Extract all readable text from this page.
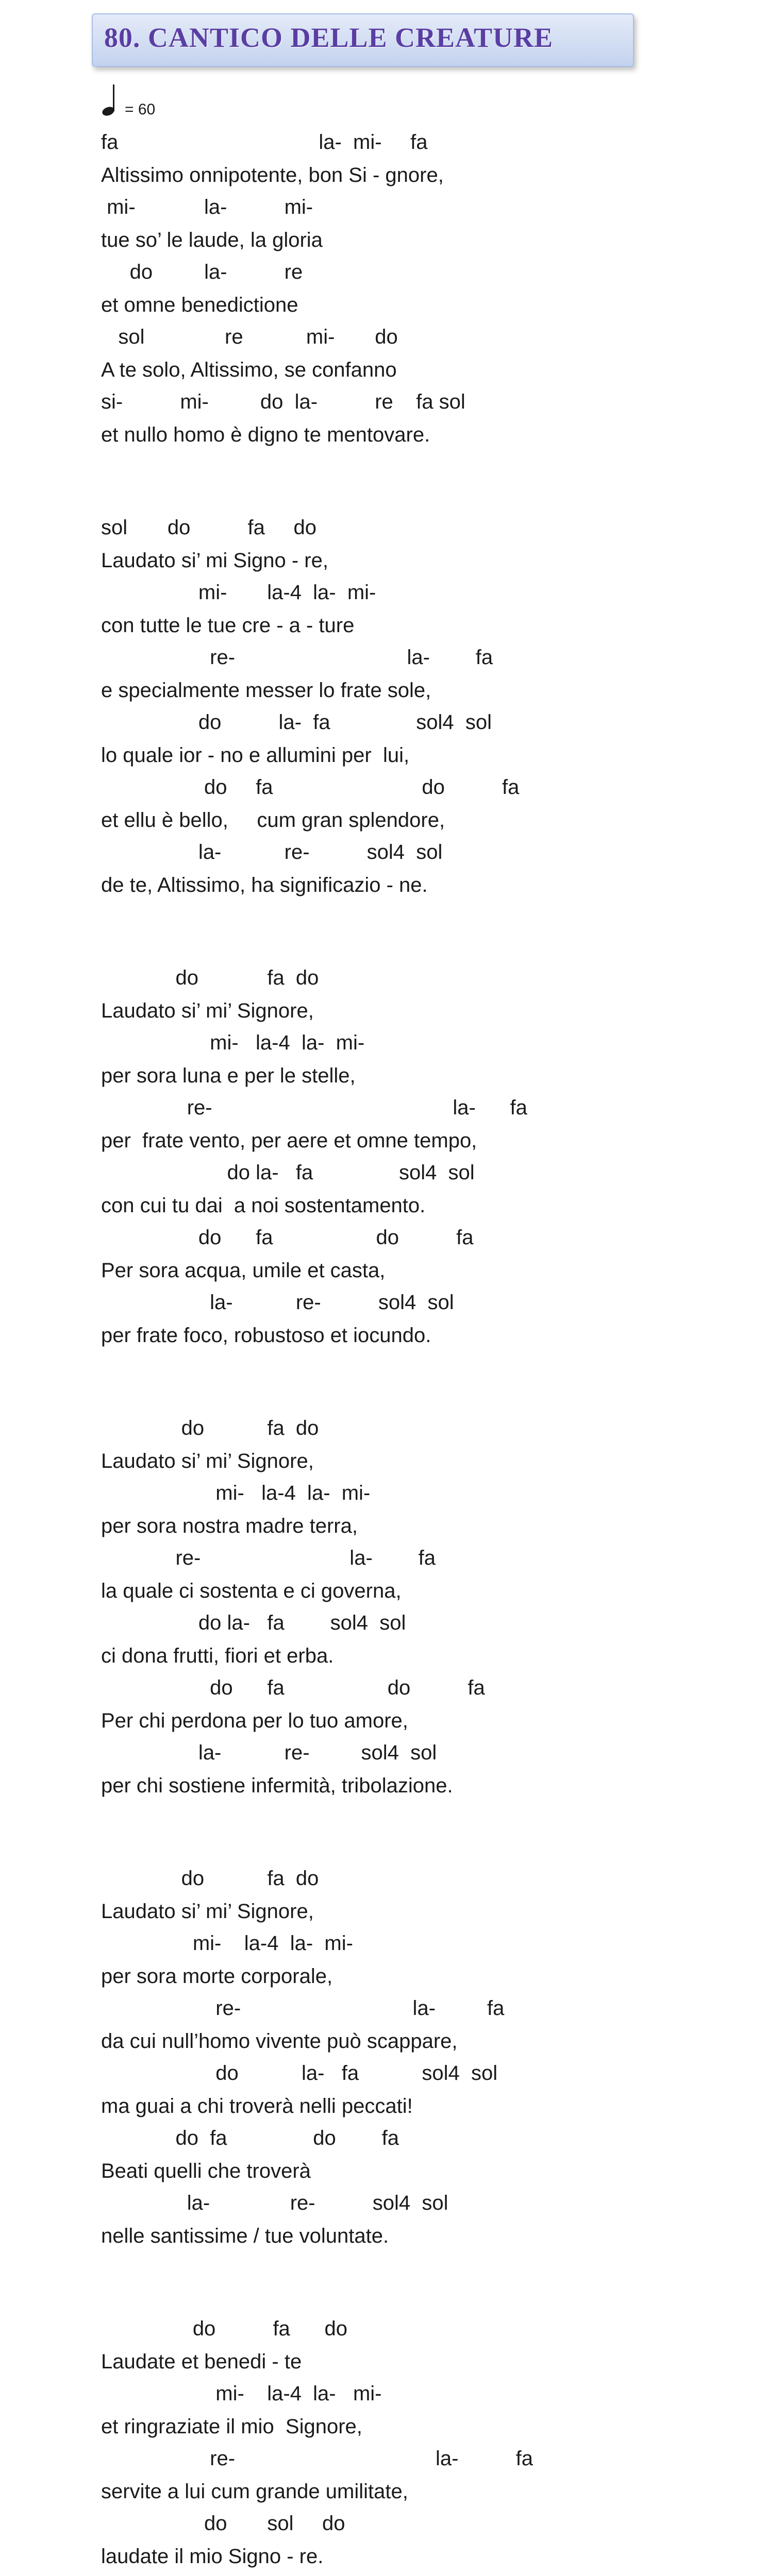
80. CANTICO DELLE CREATURE
= 60
fa                                   la-  mi-     fa
Altissimo onnipotente, bon Si - gnore,
mi-            la-          mi-
tue so’ le laude, la gloria
do         la-          re
et omne benedictione
sol              re           mi-       do
A te solo, Altissimo, se confanno
si-          mi-         do  la-          re    fa sol
et nullo homo è digno te mentovare.
sol       do          fa     do
Laudato si’ mi Signo - re,
mi-       la-4  la-  mi-
con tutte le tue cre - a - ture
re-                              la-        fa
e specialmente messer lo frate sole,
do          la-  fa               sol4  sol
lo quale ior - no e allumini per  lui,
do     fa                          do          fa
et ellu è bello,     cum gran splendore,
la-           re-          sol4  sol
de te, Altissimo, ha significazio - ne.
do            fa  do
Laudato si’ mi’ Signore,
mi-   la-4  la-  mi-
per sora luna e per le stelle,
re-                                          la-      fa
per  frate vento, per aere et omne tempo,
do la-   fa               sol4  sol
con cui tu dai  a noi sostentamento.
do      fa                  do          fa
Per sora acqua, umile et casta,
la-           re-          sol4  sol
per frate foco, robustoso et iocundo.
do           fa  do
Laudato si’ mi’ Signore,
mi-   la-4  la-  mi-
per sora nostra madre terra,
re-                          la-        fa
la quale ci sostenta e ci governa,
do la-   fa        sol4  sol
ci dona frutti, fiori et erba.
do      fa                  do          fa
Per chi perdona per lo tuo amore,
la-           re-         sol4  sol
per chi sostiene infermità, tribolazione.
do           fa  do
Laudato si’ mi’ Signore,
mi-    la-4  la-  mi-
per sora morte corporale,
re-                              la-         fa
da cui null’homo vivente può scappare,
do           la-   fa           sol4  sol
ma guai a chi troverà nelli peccati!
do  fa               do        fa
Beati quelli che troverà
la-              re-          sol4  sol
nelle santissime / tue voluntate.
do          fa      do
Laudate et benedi - te
mi-    la-4  la-   mi-
et ringraziate il mio  Signore,
re-                                   la-          fa
servite a lui cum grande umilitate,
do       sol     do
laudate il mio Signo - re.
